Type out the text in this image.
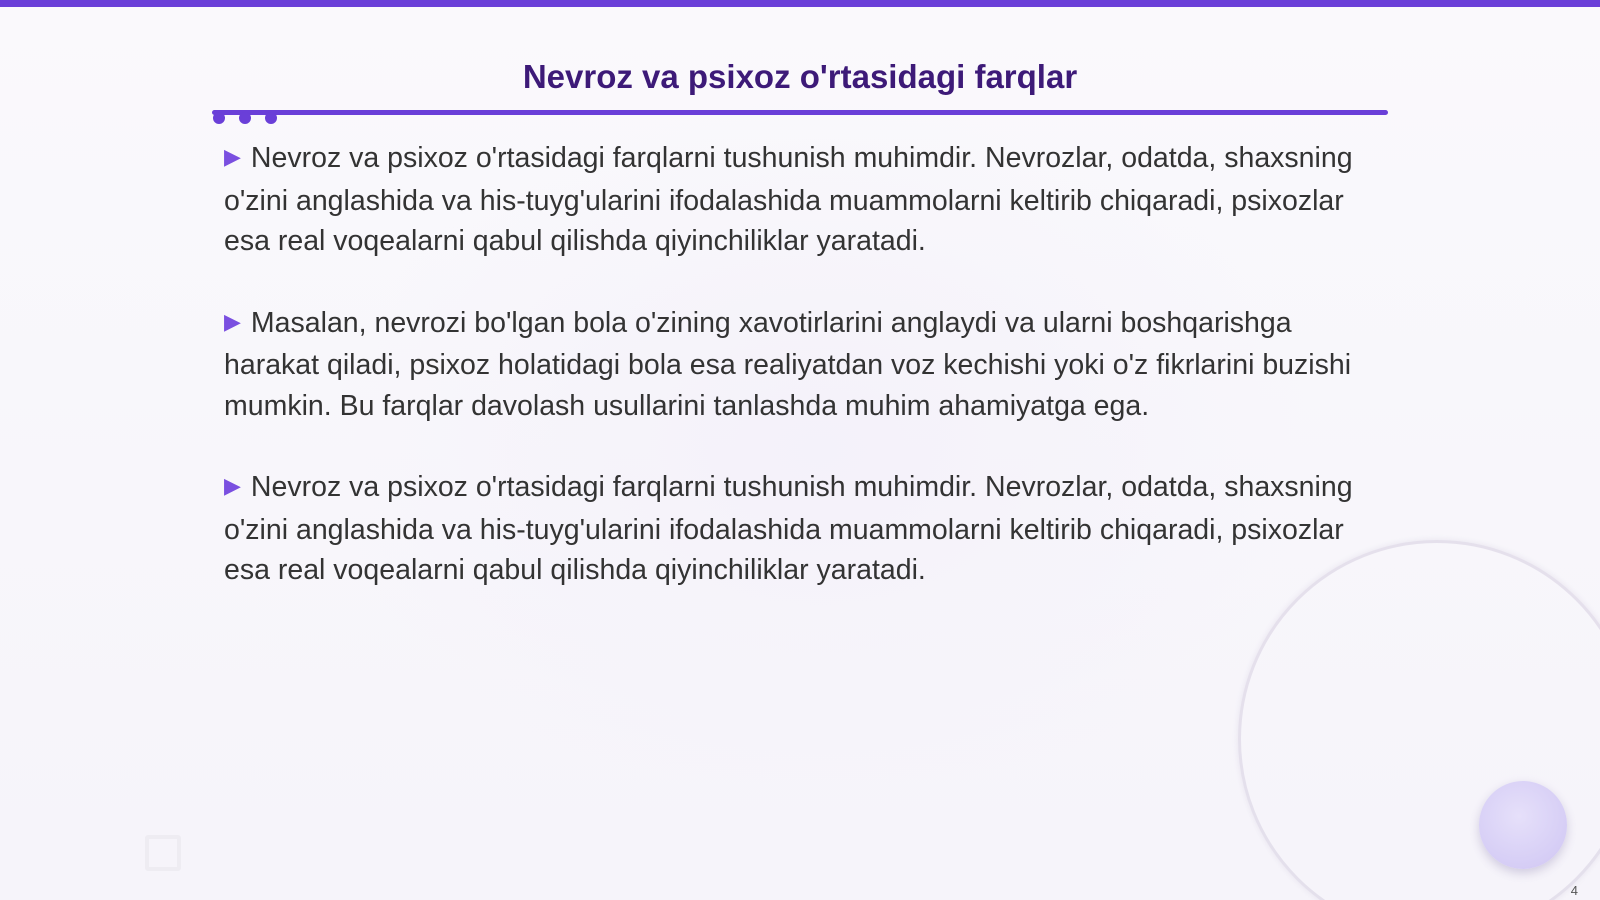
Nevroz va psixoz o'rtasidagi farqlar

▶ Nevroz va psixoz o'rtasidagi farqlarni tushunish muhimdir. Nevrozlar, odatda, shaxsning o'zini anglashida va his-tuyg'ularini ifodalashida muammolarni keltirib chiqaradi, psixozlar esa real voqealarni qabul qilishda qiyinchiliklar yaratadi.

▶ Masalan, nevrozi bo'lgan bola o'zining xavotirlarini anglaydi va ularni boshqarishga harakat qiladi, psixoz holatidagi bola esa realiyatdan voz kechishi yoki o'z fikrlarini buzishi mumkin. Bu farqlar davolash usullarini tanlashda muhim ahamiyatga ega.

▶ Nevroz va psixoz o'rtasidagi farqlarni tushunish muhimdir. Nevrozlar, odatda, shaxsning o'zini anglashida va his-tuyg'ularini ifodalashida muammolarni keltirib chiqaradi, psixozlar esa real voqealarni qabul qilishda qiyinchiliklar yaratadi.

4
